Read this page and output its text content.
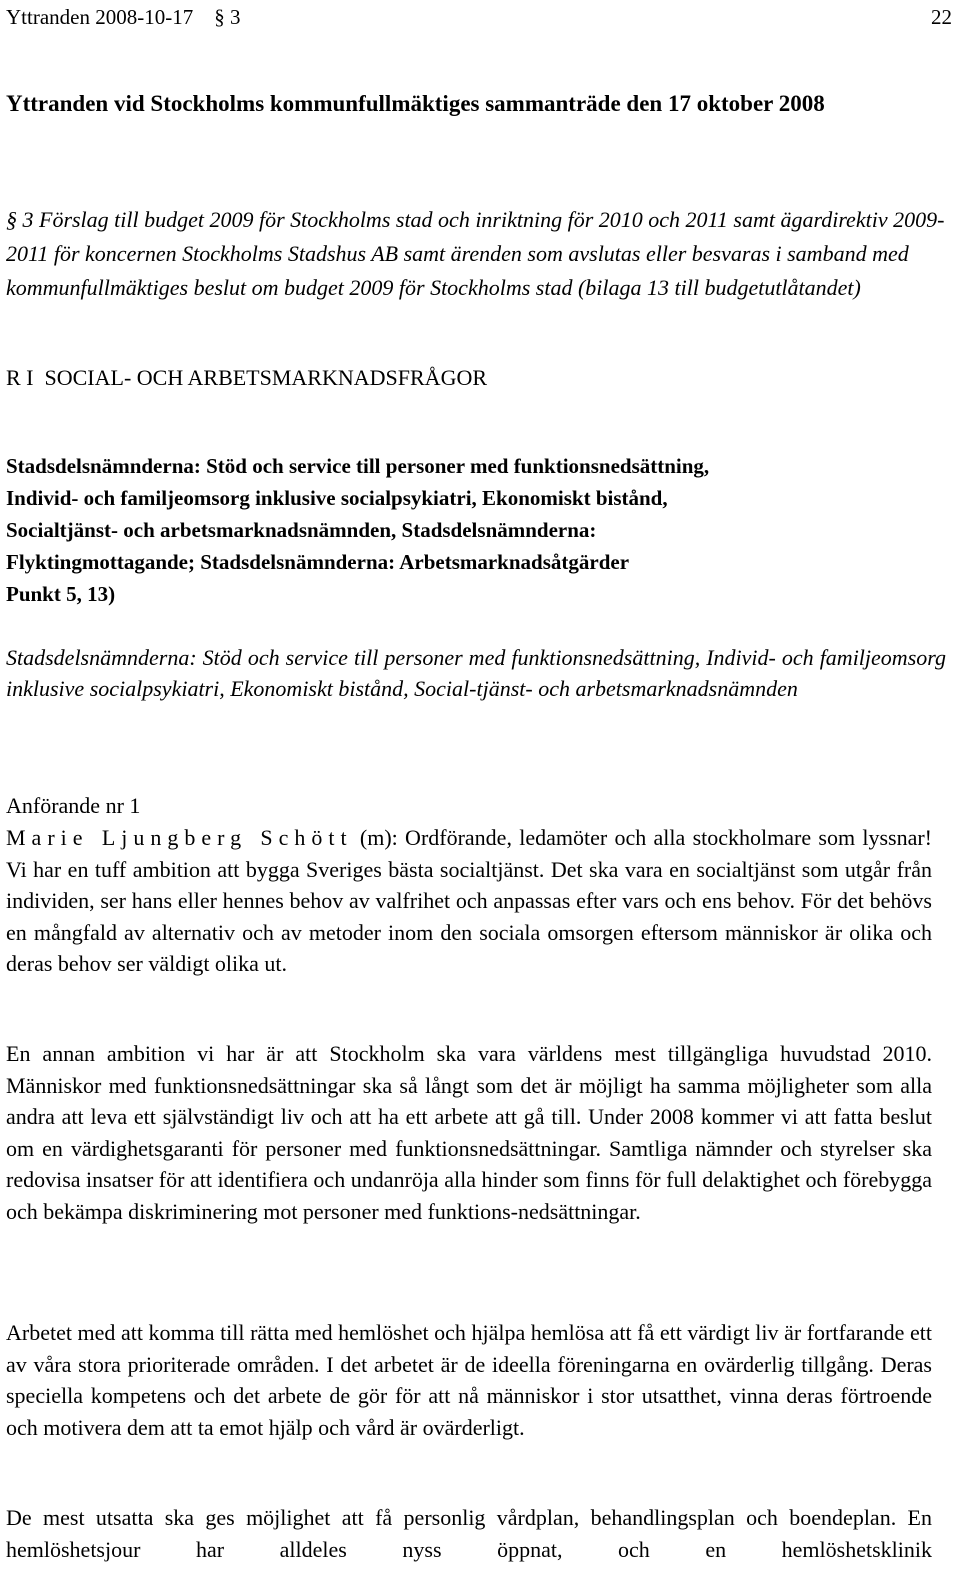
Yttranden 2008-10-17    § 3	22
Yttranden vid Stockholms kommunfullmäktiges sammanträde den 17 oktober 2008
§ 3 Förslag till budget 2009 för Stockholms stad och inriktning för 2010 och 2011 samt ägardirektiv 2009-2011 för koncernen Stockholms Stadshus AB samt ärenden som avslutas eller besvaras i samband med kommunfullmäktiges beslut om budget 2009 för Stockholms stad (bilaga 13 till budgetutlåtandet)
R I  SOCIAL- OCH ARBETSMARKNADSFRÅGOR
Stadsdelsnämnderna: Stöd och service till personer med funktionsnedsättning,
Individ- och familjeomsorg inklusive socialpsykiatri, Ekonomiskt bistånd,
Socialtjänst- och arbetsmarknadsnämnden, Stadsdelsnämnderna:
Flyktingmottagande; Stadsdelsnämnderna: Arbetsmarknadsåtgärder
Punkt 5, 13)
Stadsdelsnämnderna: Stöd och service till personer med funktionsnedsättning, Individ- och familjeomsorg inklusive socialpsykiatri, Ekonomiskt bistånd, Social-tjänst- och arbetsmarknadsnämnden
Anförande nr 1
Marie Ljungberg Schött (m): Ordförande, ledamöter och alla stockholmare som lyssnar! Vi har en tuff ambition att bygga Sveriges bästa socialtjänst. Det ska vara en socialtjänst som utgår från individen, ser hans eller hennes behov av valfrihet och anpassas efter vars och ens behov. För det behövs en mångfald av alternativ och av metoder inom den sociala omsorgen eftersom människor är olika och deras behov ser väldigt olika ut.
En annan ambition vi har är att Stockholm ska vara världens mest tillgängliga huvudstad 2010. Människor med funktionsnedsättningar ska så långt som det är möjligt ha samma möjligheter som alla andra att leva ett självständigt liv och att ha ett arbete att gå till. Under 2008 kommer vi att fatta beslut om en värdighetsgaranti för personer med funktionsnedsättningar. Samtliga nämnder och styrelser ska redovisa insatser för att identifiera och undanröja alla hinder som finns för full delaktighet och förebygga och bekämpa diskriminering mot personer med funktions-nedsättningar.
Arbetet med att komma till rätta med hemlöshet och hjälpa hemlösa att få ett värdigt liv är fortfarande ett av våra stora prioriterade områden. I det arbetet är de ideella föreningarna en ovärderlig tillgång. Deras speciella kompetens och det arbete de gör för att nå människor i stor utsatthet, vinna deras förtroende och motivera dem att ta emot hjälp och vård är ovärderligt.
De mest utsatta ska ges möjlighet att få personlig vårdplan, behandlingsplan och boendeplan. En hemlöshetsjour har alldeles nyss öppnat, och en hemlöshetsklinik
